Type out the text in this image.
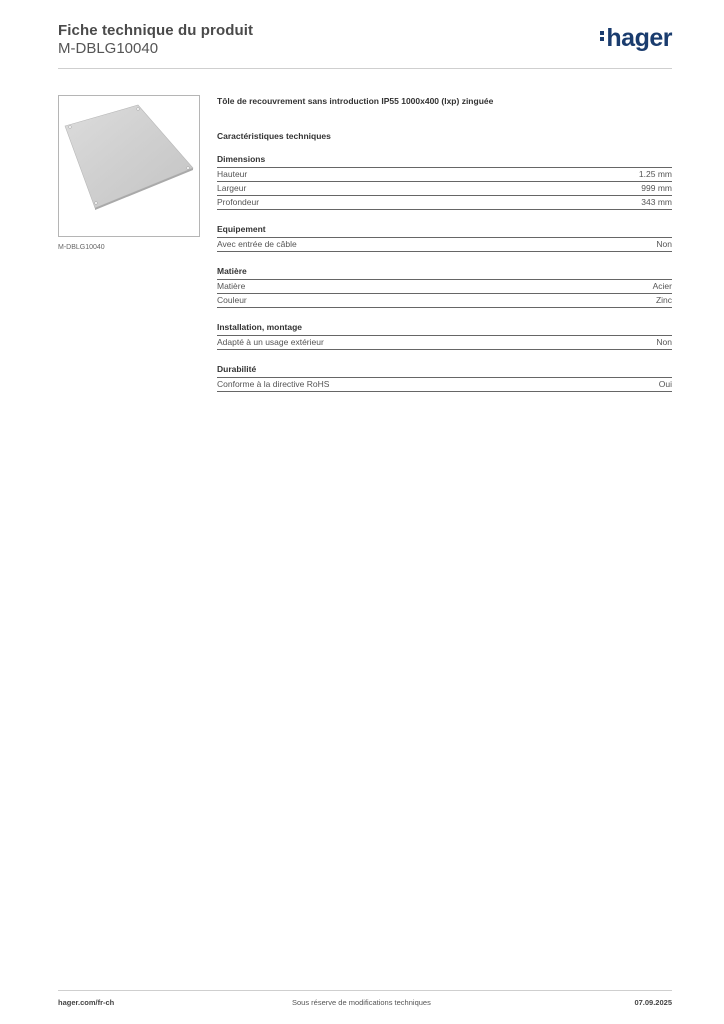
Fiche technique du produit
M-DBLG10040	hager
M-DBLG10040
Tôle de recouvrement sans introduction IP55 1000x400 (lxp) zinguée
Caractéristiques techniques
Dimensions
Hauteur	1.25 mm
Largeur	999 mm
Profondeur	343 mm
Equipement
Avec entrée de câble	Non
Matière
Matière	Acier
Couleur	Zinc
Installation, montage
Adapté à un usage extérieur	Non
Durabilité
Conforme à la directive RoHS	Oui
hager.com/fr-ch	Sous réserve de modifications techniques	07.09.2025
